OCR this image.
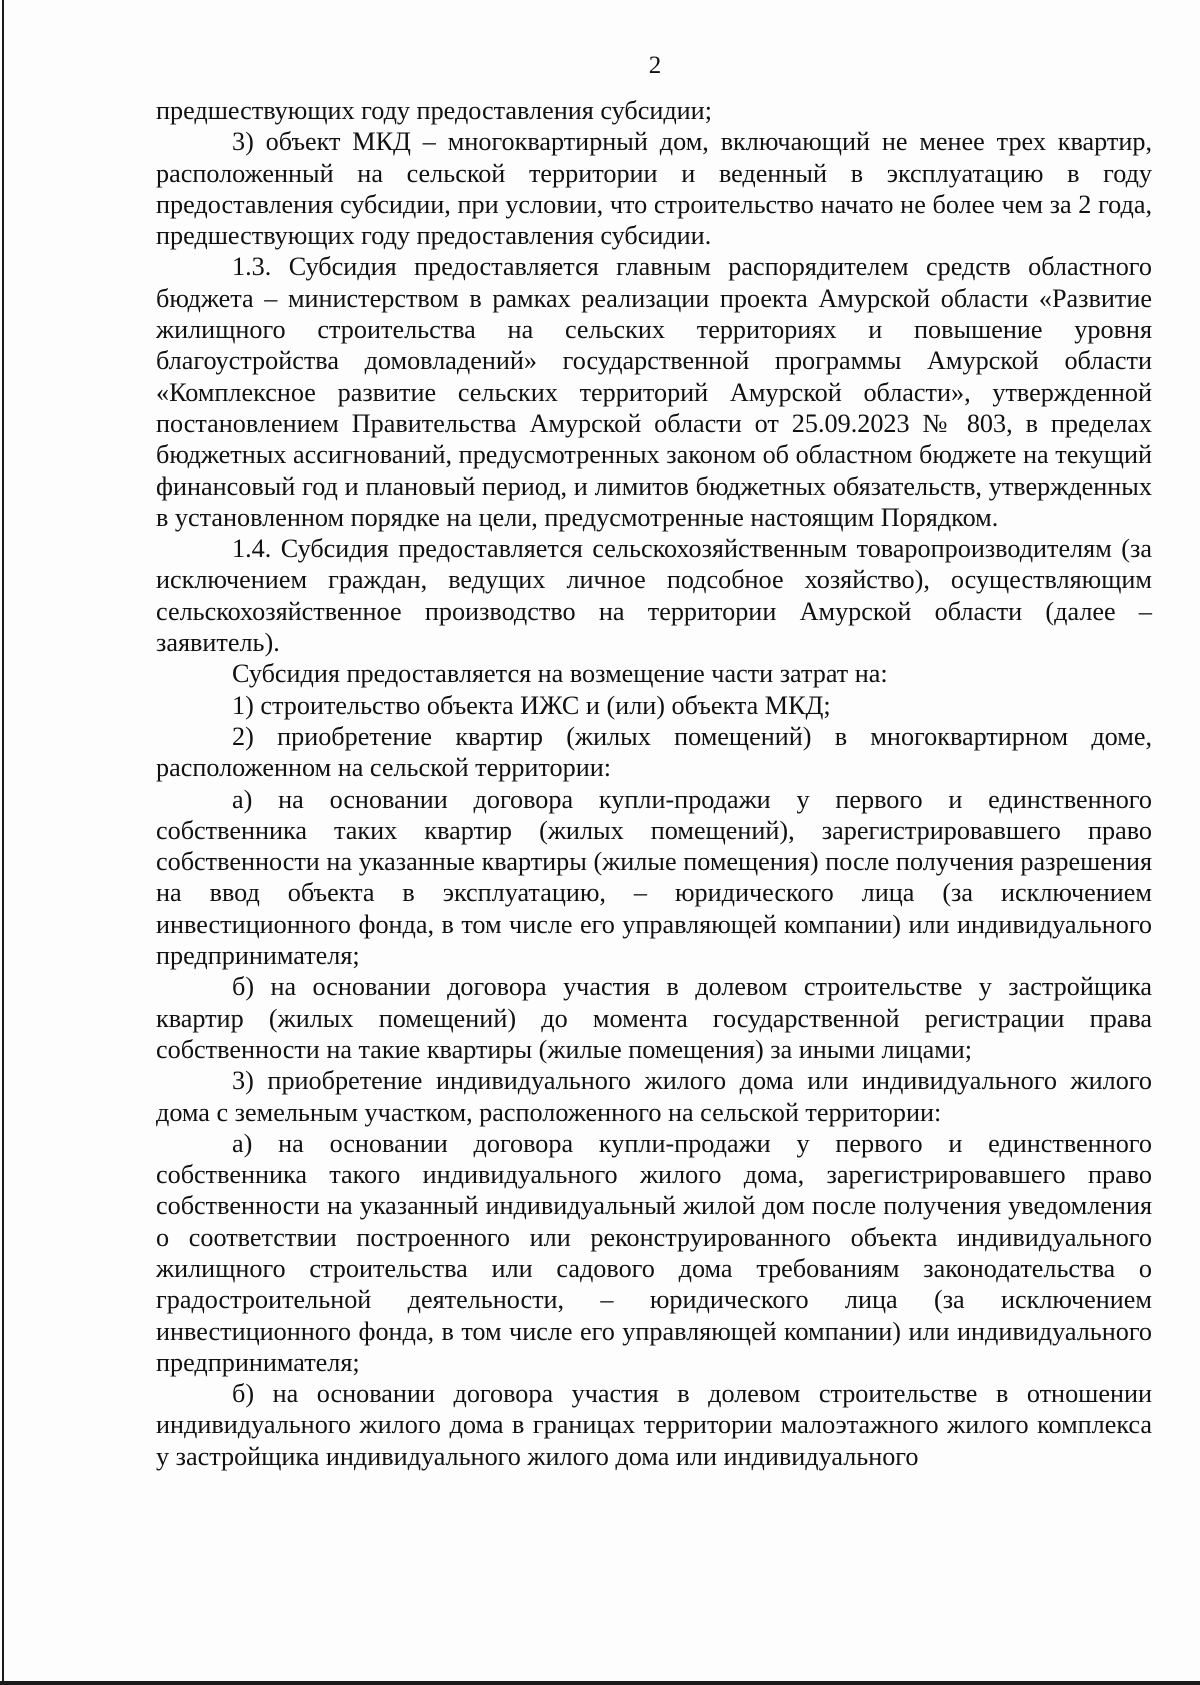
2

предшествующих году предоставления субсидии;

3) объект МКД – многоквартирный дом, включающий не менее трех квартир, расположенный на сельской территории и веденный в эксплуатацию в году предоставления субсидии, при условии, что строительство начато не более чем за 2 года, предшествующих году предоставления субсидии.

1.3. Субсидия предоставляется главным распорядителем средств областного бюджета – министерством в рамках реализации проекта Амурской области «Развитие жилищного строительства на сельских территориях и повышение уровня благоустройства домовладений» государственной программы Амурской области «Комплексное развитие сельских территорий Амурской области», утвержденной постановлением Правительства Амурской области от 25.09.2023 № 803, в пределах бюджетных ассигнований, предусмотренных законом об областном бюджете на текущий финансовый год и плановый период, и лимитов бюджетных обязательств, утвержденных в установленном порядке на цели, предусмотренные настоящим Порядком.

1.4. Субсидия предоставляется сельскохозяйственным товаропроизводителям (за исключением граждан, ведущих личное подсобное хозяйство), осуществляющим сельскохозяйственное производство на территории Амурской области (далее – заявитель).

Субсидия предоставляется на возмещение части затрат на:

1) строительство объекта ИЖС и (или) объекта МКД;

2) приобретение квартир (жилых помещений) в многоквартирном доме, расположенном на сельской территории:

а) на основании договора купли-продажи у первого и единственного собственника таких квартир (жилых помещений), зарегистрировавшего право собственности на указанные квартиры (жилые помещения) после получения разрешения на ввод объекта в эксплуатацию, – юридического лица (за исключением инвестиционного фонда, в том числе его управляющей компании) или индивидуального предпринимателя;

б) на основании договора участия в долевом строительстве у застройщика квартир (жилых помещений) до момента государственной регистрации права собственности на такие квартиры (жилые помещения) за иными лицами;

3) приобретение индивидуального жилого дома или индивидуального жилого дома с земельным участком, расположенного на сельской территории:

а) на основании договора купли-продажи у первого и единственного собственника такого индивидуального жилого дома, зарегистрировавшего право собственности на указанный индивидуальный жилой дом после получения уведомления о соответствии построенного или реконструированного объекта индивидуального жилищного строительства или садового дома требованиям законодательства о градостроительной деятельности, – юридического лица (за исключением инвестиционного фонда, в том числе его управляющей компании) или индивидуального предпринимателя;

б) на основании договора участия в долевом строительстве в отношении индивидуального жилого дома в границах территории малоэтажного жилого комплекса у застройщика индивидуального жилого дома или индивидуального
